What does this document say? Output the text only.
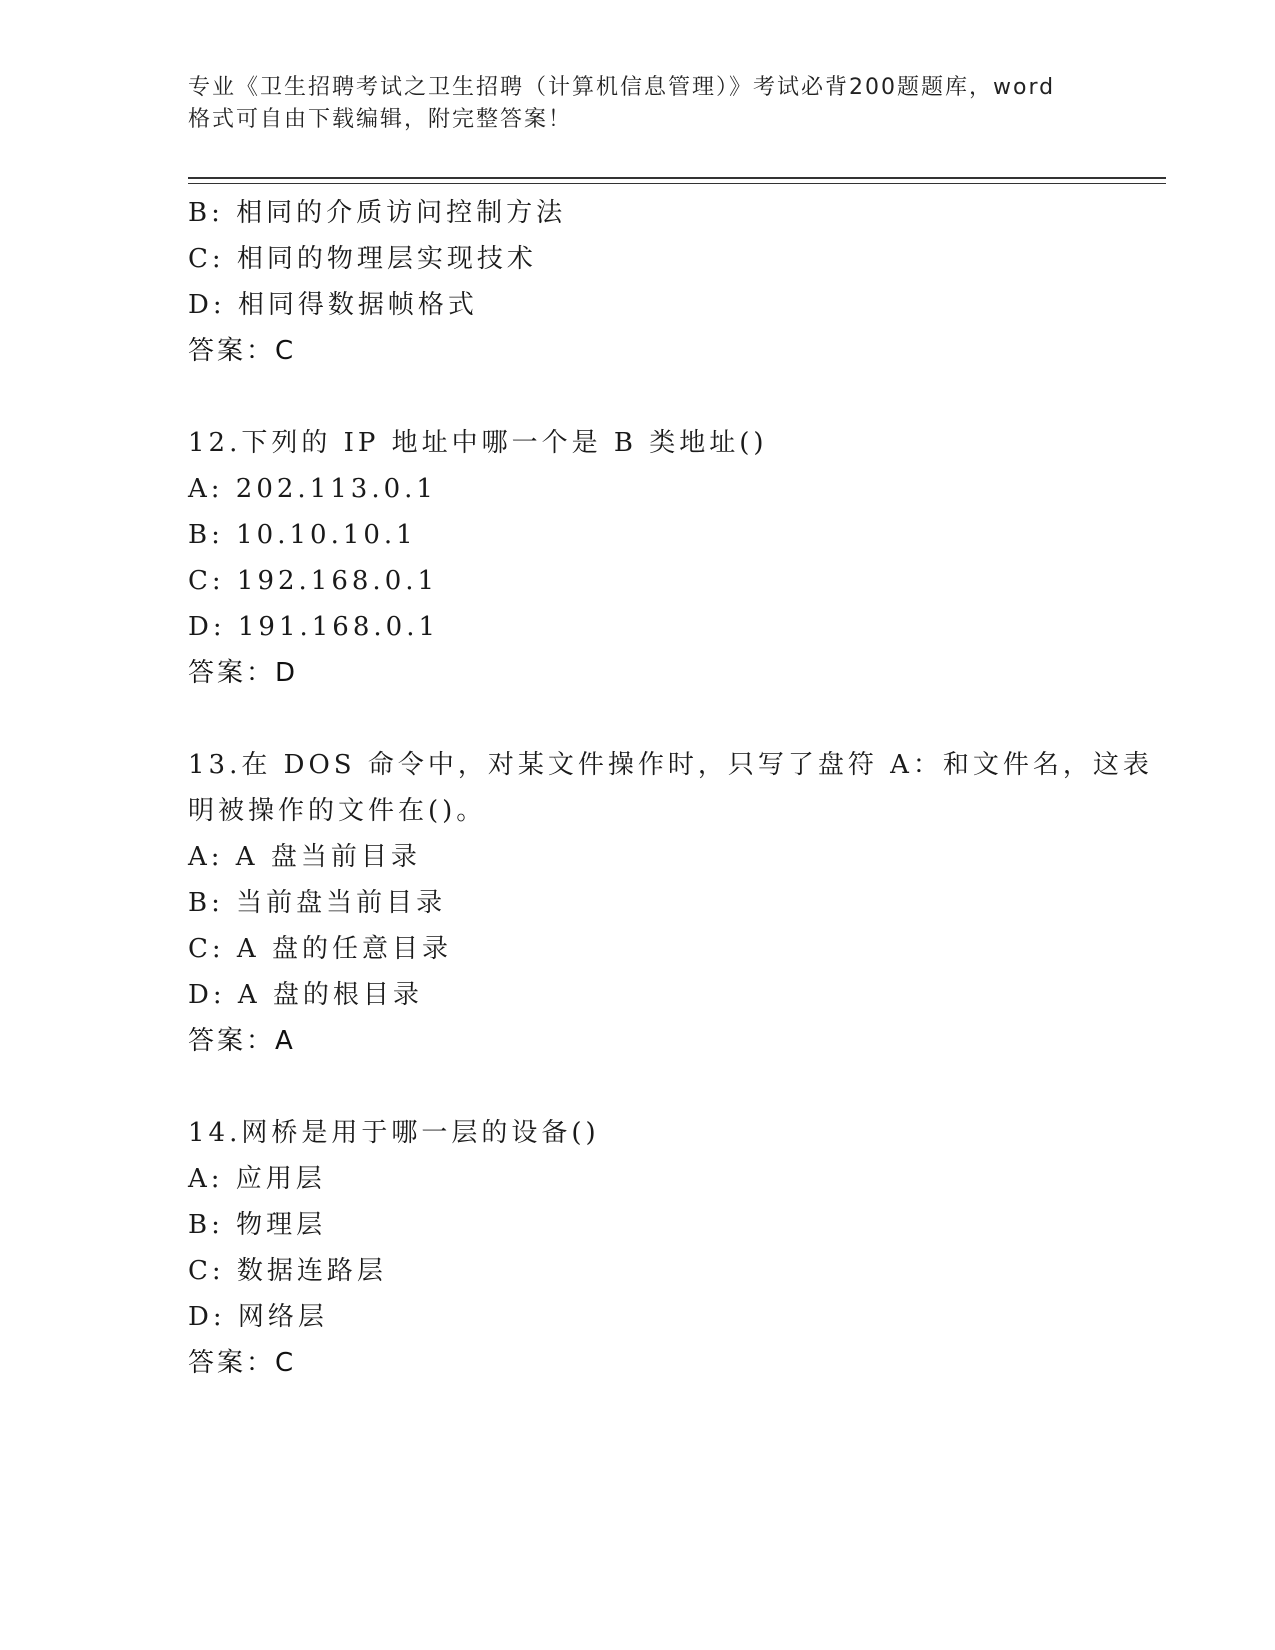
专业《卫生招聘考试之卫生招聘（计算机信息管理）》考试必背200题题库，word
格式可自由下载编辑，附完整答案！
B: 相同的介质访问控制方法
C: 相同的物理层实现技术
D: 相同得数据帧格式
答案：C
12.下列的 IP 地址中哪一个是 B 类地址()
A: 202.113.0.1
B: 10.10.10.1
C: 192.168.0.1
D: 191.168.0.1
答案：D
13.在 DOS 命令中，对某文件操作时，只写了盘符 A：和文件名，这表
明被操作的文件在()。
A: A 盘当前目录
B: 当前盘当前目录
C: A 盘的任意目录
D: A 盘的根目录
答案：A
14.网桥是用于哪一层的设备()
A: 应用层
B: 物理层
C: 数据连路层
D: 网络层
答案：C
